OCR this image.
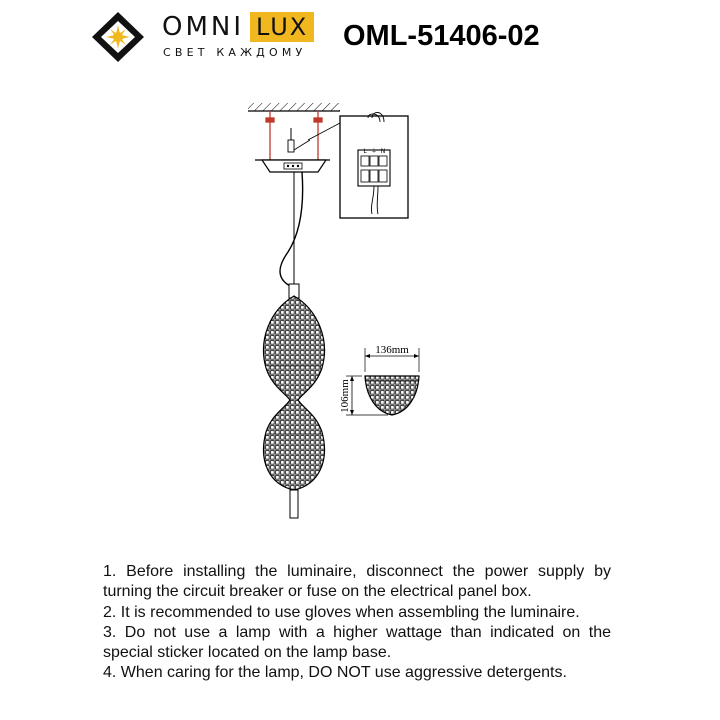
OMNI LUX
СВЕТ КАЖДОМУ
OML-51406-02
L ⏚ N
136mm
106mm

1. Before installing the luminaire, disconnect the power supply by turning the circuit breaker or fuse on the electrical panel box.

2. It is recommended to use gloves when assembling the luminaire.

3. Do not use a lamp with a higher wattage than indicated on the special sticker located on the lamp base.

4. When caring for the lamp, DO NOT use aggressive detergents.
